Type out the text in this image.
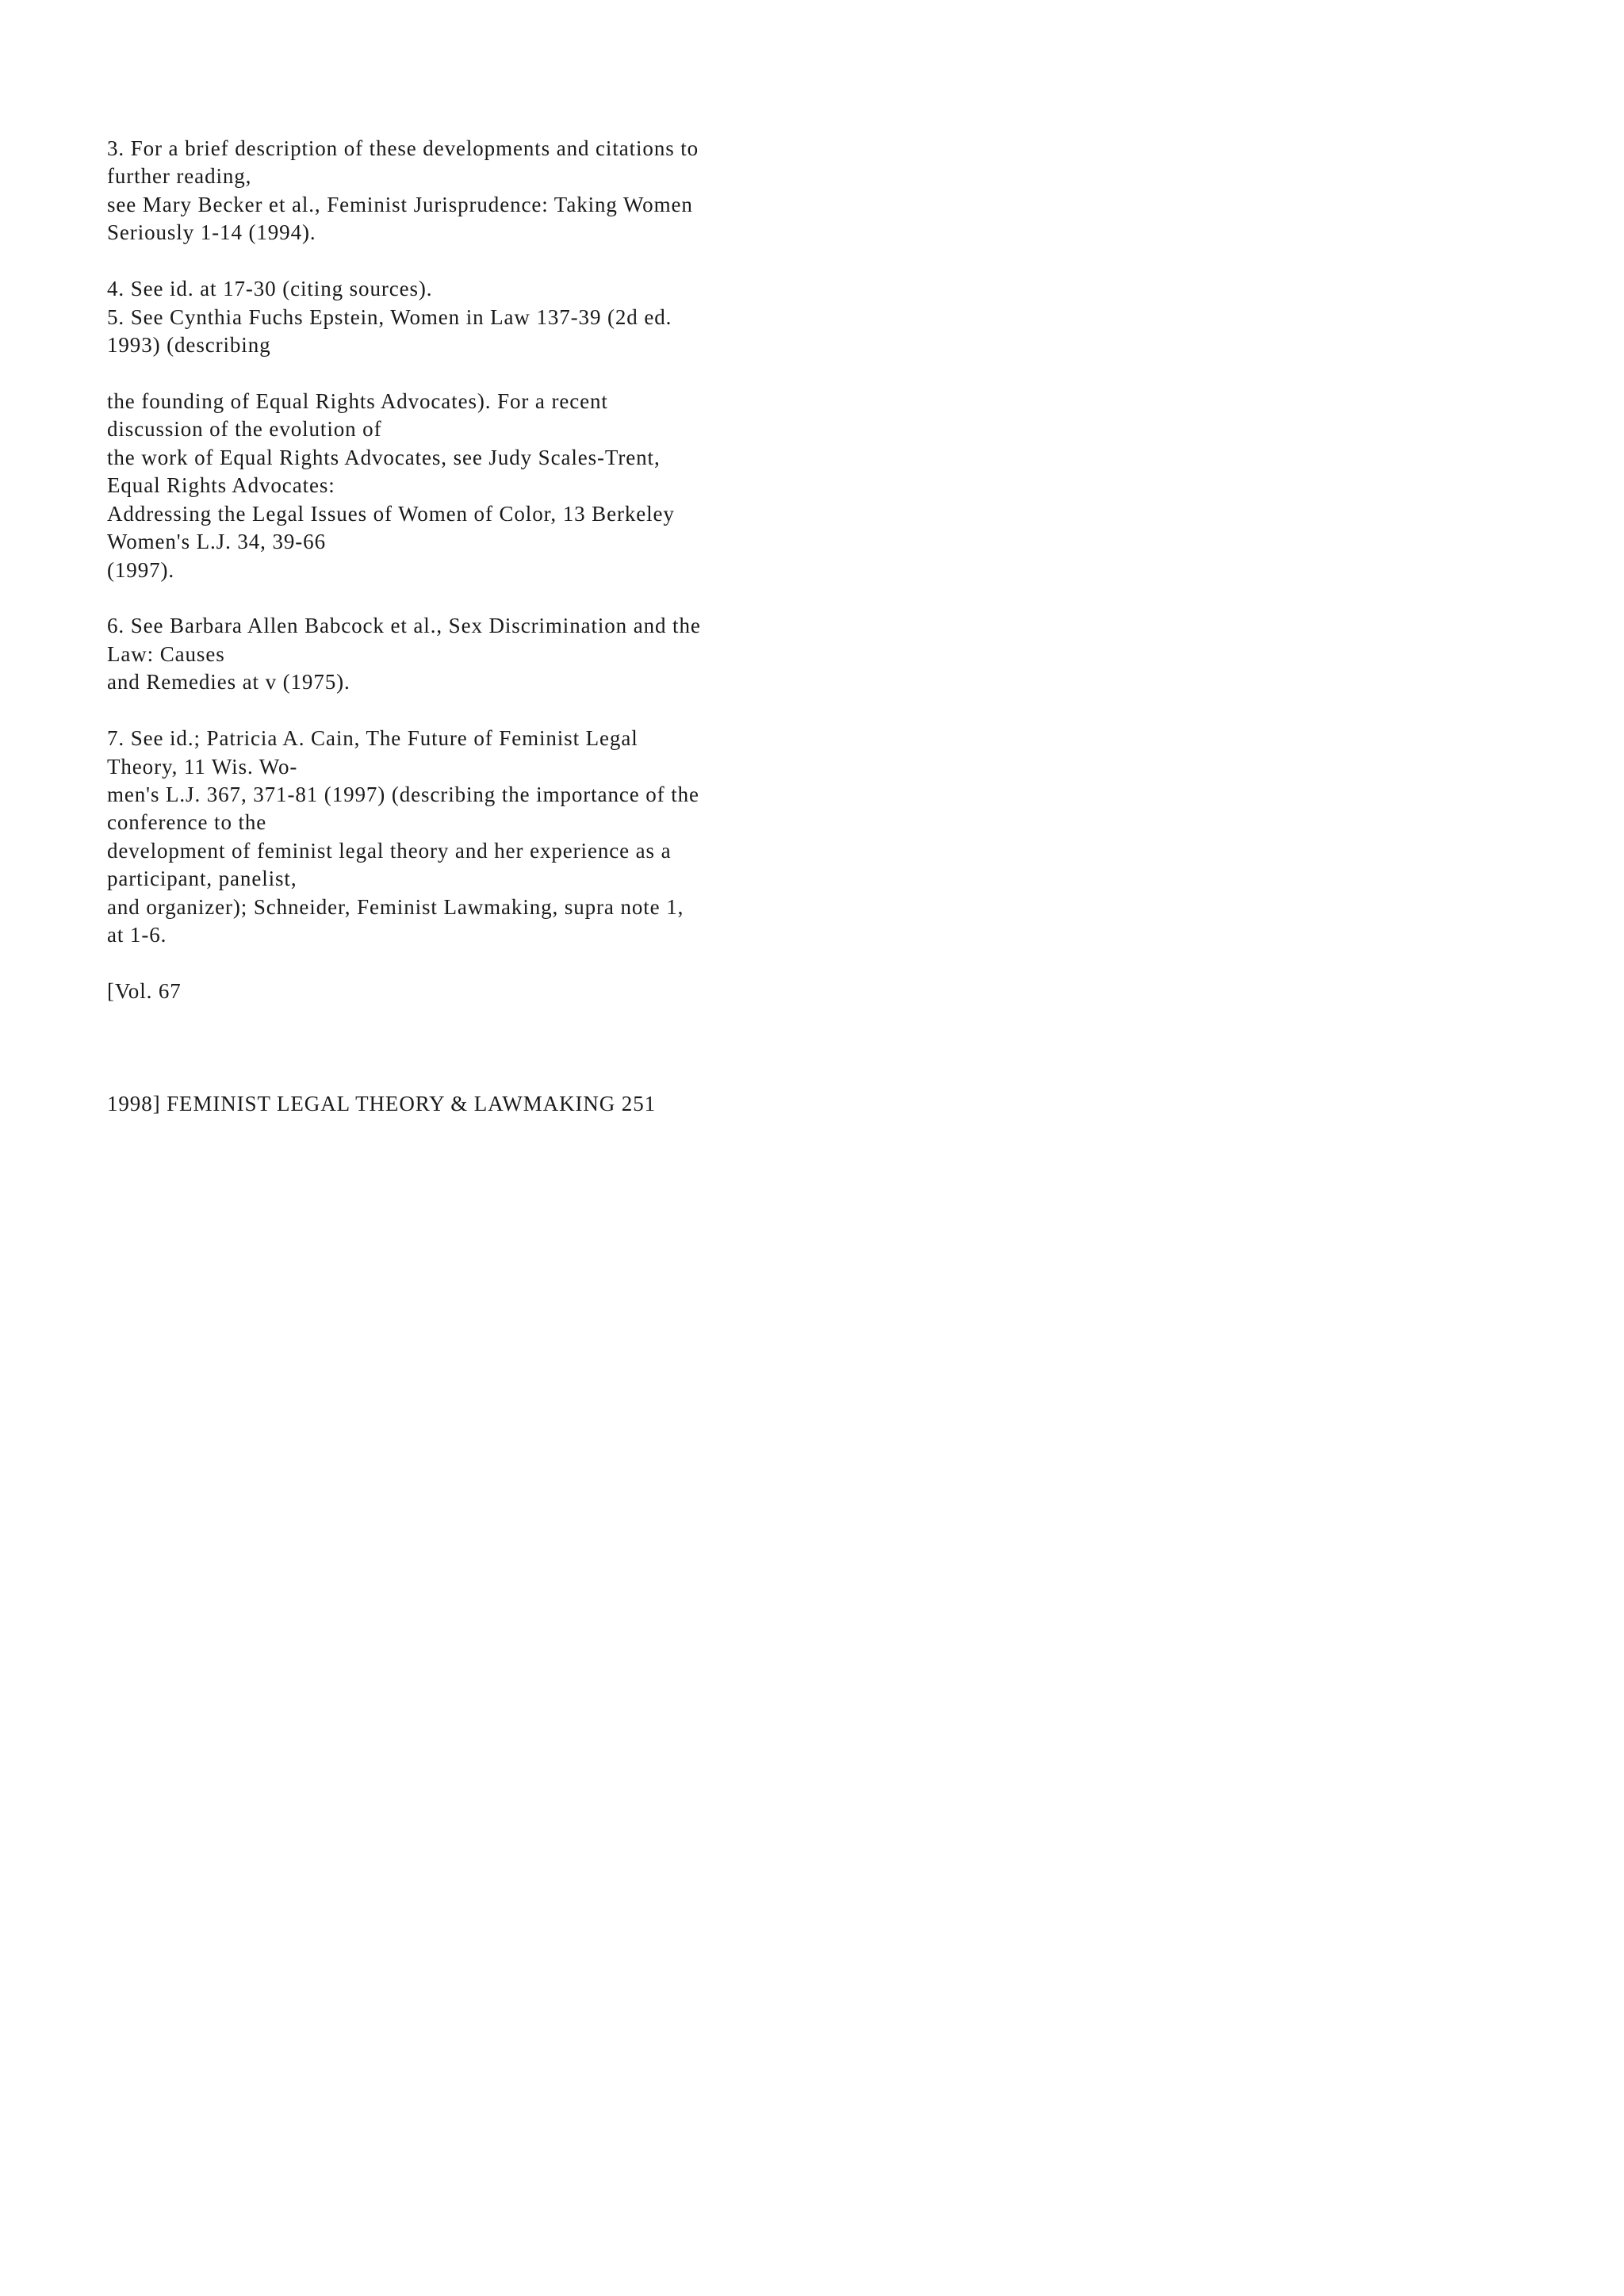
3. For a brief description of these developments and citations to

further reading,

see Mary Becker et al., Feminist Jurisprudence: Taking Women

Seriously 1-14 (1994).

4. See id. at 17-30 (citing sources).

5. See Cynthia Fuchs Epstein, Women in Law 137-39 (2d ed.

1993) (describing

the founding of Equal Rights Advocates). For a recent

discussion of the evolution of

the work of Equal Rights Advocates, see Judy Scales-Trent,

Equal Rights Advocates:

Addressing the Legal Issues of Women of Color, 13 Berkeley

Women's L.J. 34, 39-66

(1997).

6. See Barbara Allen Babcock et al., Sex Discrimination and the

Law: Causes

and Remedies at v (1975).

7. See id.; Patricia A. Cain, The Future of Feminist Legal

Theory, 11 Wis. Wo-

men's L.J. 367, 371-81 (1997) (describing the importance of the

conference to the

development of feminist legal theory and her experience as a

participant, panelist,

and organizer); Schneider, Feminist Lawmaking, supra note 1,

at 1-6.

[Vol. 67

1998] FEMINIST LEGAL THEORY & LAWMAKING 251
